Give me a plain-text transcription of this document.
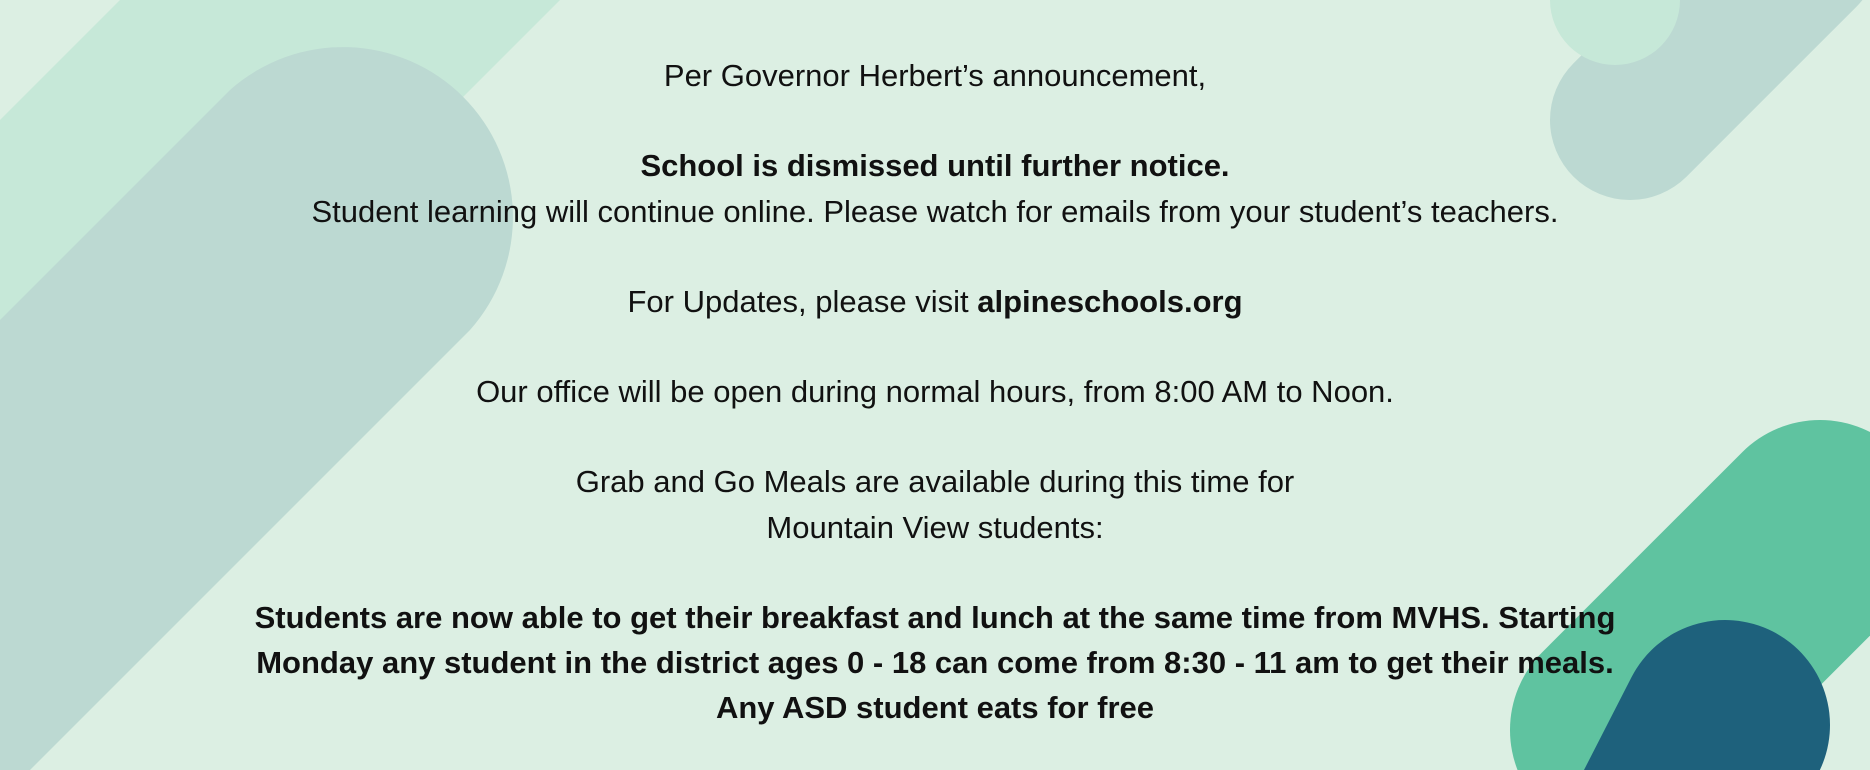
Per Governor Herbert’s announcement,
School is dismissed until further notice.
Student learning will continue online. Please watch for emails from your student’s teachers.
For Updates, please visit alpineschools.org
Our office will be open during normal hours, from 8:00 AM to Noon.
Grab and Go Meals are available during this time for
Mountain View students:
Students are now able to get their breakfast and lunch at the same time from MVHS. Starting
Monday any student in the district ages 0 - 18 can come from 8:30 - 11 am to get their meals.
Any ASD student eats for free
